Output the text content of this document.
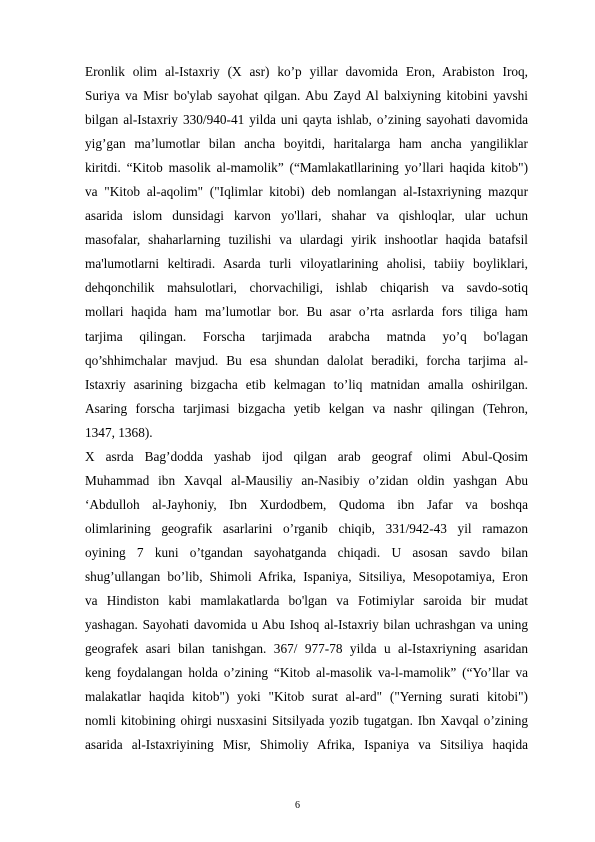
Eronlik olim al-Istaxriy (X asr) ko’p yillar davomida Eron, Arabiston Iroq,
Suriya va Misr bo'ylab sayohat qilgan. Abu Zayd Al balxiyning kitobini yavshi
bilgan al-Istaxriy 330/940-41 yilda uni qayta ishlab, o’zining sayohati davomida
yig’gan ma’lumotlar bilan ancha boyitdi, haritalarga ham ancha yangiliklar
kiritdi. “Kitob masolik al-mamolik” (“Mamlakatllarining yo’llari haqida kitob")
va "Kitob al-aqolim" ("Iqlimlar kitobi) deb nomlangan al-Istaxriyning mazqur
asarida islom dunsidagi karvon yo'llari, shahar va qishloqlar, ular uchun
masofalar, shaharlarning tuzilishi va ulardagi yirik inshootlar haqida batafsil
ma'lumotlarni keltiradi. Asarda turli viloyatlarining aholisi, tabiiy boyliklari,
dehqonchilik mahsulotlari, chorvachiligi, ishlab chiqarish va savdo-sotiq
mollari haqida ham ma’lumotlar bor. Bu asar o’rta asrlarda fors tiliga ham
tarjima qilingan. Forscha tarjimada arabcha matnda yo’q bo'lagan
qo’shhimchalar mavjud. Bu esa shundan dalolat beradiki, forcha tarjima al-
Istaxriy asarining bizgacha etib kelmagan to’liq matnidan amalla oshirilgan.
Asaring forscha tarjimasi bizgacha yetib kelgan va nashr qilingan (Tehron,
1347, 1368).
X asrda Bag’dodda yashab ijod qilgan arab geograf olimi Abul-Qosim
Muhammad ibn Xavqal al-Mausiliy an-Nasibiy o’zidan oldin yashgan Abu
‘Abdulloh al-Jayhoniy, Ibn Xurdodbem, Qudoma ibn Jafar va boshqa
olimlarining geografik asarlarini o’rganib chiqib, 331/942-43 yil ramazon
oyining 7 kuni o’tgandan sayohatganda chiqadi. U asosan savdo bilan
shug’ullangan bo’lib, Shimoli Afrika, Ispaniya, Sitsiliya, Mesopotamiya, Eron
va Hindiston kabi mamlakatlarda bo'lgan va Fotimiylar saroida bir mudat
yashagan. Sayohati davomida u Abu Ishoq al-Istaxriy bilan uchrashgan va uning
geografek asari bilan tanishgan. 367/ 977-78 yilda u al-Istaxriyning asaridan
keng foydalangan holda o’zining “Kitob al-masolik va-l-mamolik” (“Yo’llar va
malakatlar haqida kitob") yoki "Kitob surat al-ard" ("Yerning surati kitobi")
nomli kitobining ohirgi nusxasini Sitsilyada yozib tugatgan. Ibn Xavqal o’zining
asarida al-Istaxriyining Misr, Shimoliy Afrika, Ispaniya va Sitsiliya haqida
6
